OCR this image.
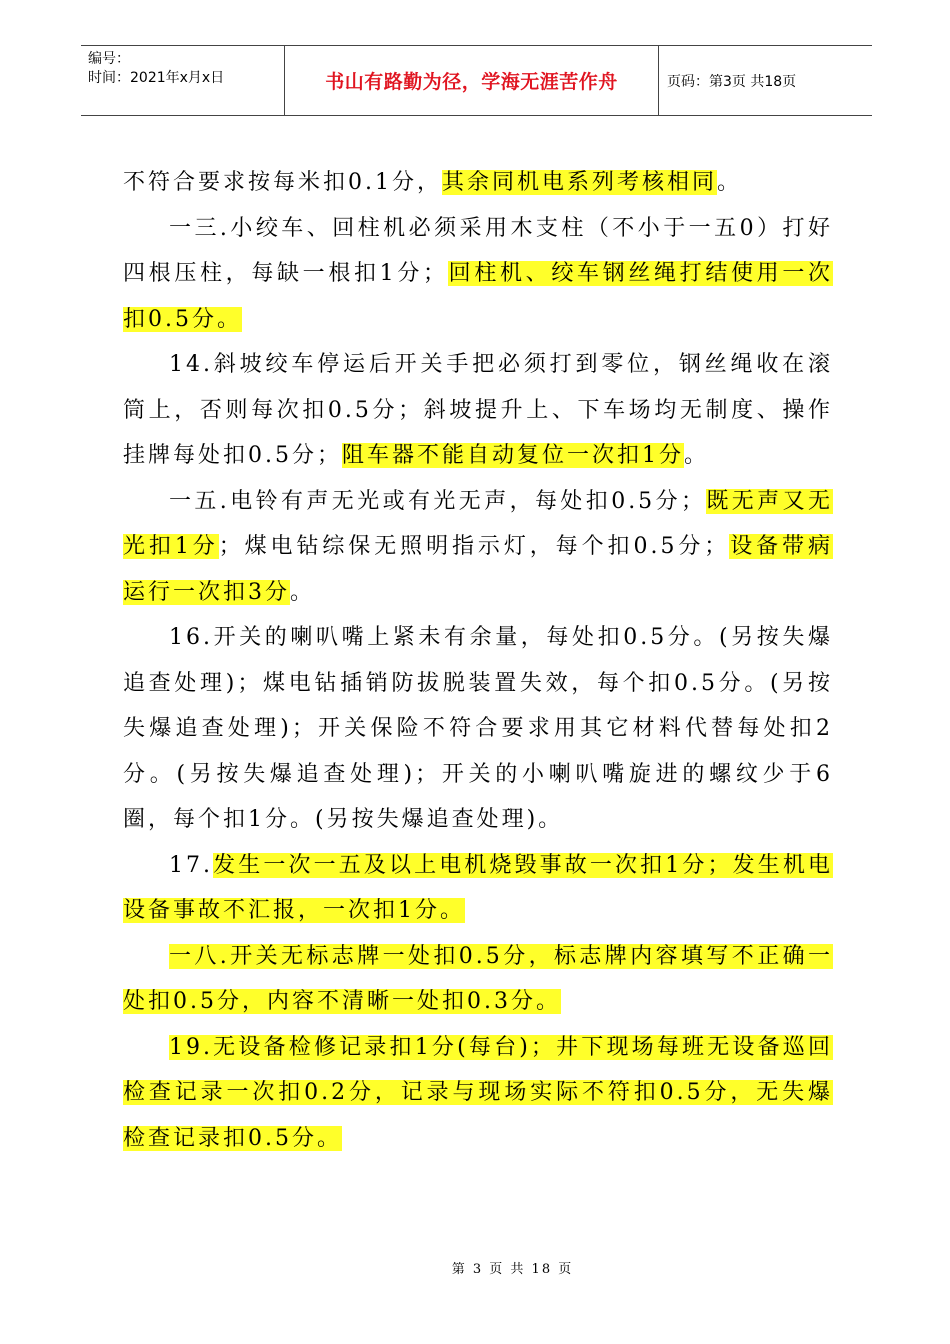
编号：
时间：2021年x月x日	书山有路勤为径，学海无涯苦作舟	页码：第3页 共18页

不符合要求按每米扣0.1分，其余同机电系列考核相同。

一三.小绞车、回柱机必须采用木支柱（不小于一五0）打好四根压柱，每缺一根扣1分；回柱机、绞车钢丝绳打结使用一次扣0.5分。

14.斜坡绞车停运后开关手把必须打到零位，钢丝绳收在滚筒上，否则每次扣0.5分；斜坡提升上、下车场均无制度、操作挂牌每处扣0.5分；阻车器不能自动复位一次扣1分。

一五.电铃有声无光或有光无声，每处扣0.5分；既无声又无光扣1分；煤电钻综保无照明指示灯，每个扣0.5分；设备带病运行一次扣3分。

16.开关的喇叭嘴上紧未有余量，每处扣0.5分。(另按失爆追查处理)；煤电钻插销防拔脱装置失效，每个扣0.5分。(另按失爆追查处理)；开关保险不符合要求用其它材料代替每处扣2分。(另按失爆追查处理)；开关的小喇叭嘴旋进的螺纹少于6圈，每个扣1分。(另按失爆追查处理)。

17.发生一次一五及以上电机烧毁事故一次扣1分；发生机电设备事故不汇报，一次扣1分。

一八.开关无标志牌一处扣0.5分，标志牌内容填写不正确一处扣0.5分，内容不清晰一处扣0.3分。

19.无设备检修记录扣1分(每台)；井下现场每班无设备巡回检查记录一次扣0.2分，记录与现场实际不符扣0.5分，无失爆检查记录扣0.5分。

第 3 页 共 18 页
